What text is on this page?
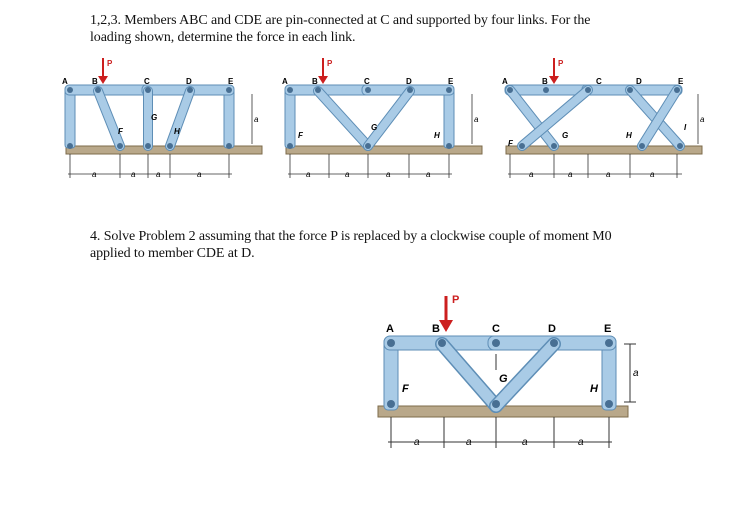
1,2,3. Members ABC and CDE are pin-connected at C and supported by four links. For the
loading shown, determine the force in each link.
P
A	B	C	D	E
F
G
H
a
a	a	a	a
P
A	B	C	D	E
F
G
H
a
a	a	a	a
P
A	B	C	D	E
F
G	H
I
a
a	a	a	a
4. Solve Problem 2 assuming that the force P is replaced by a clockwise couple of moment M0
applied to member CDE at D.
P
A	B	C	D	E
F
G
H
a
a	a	a	a
